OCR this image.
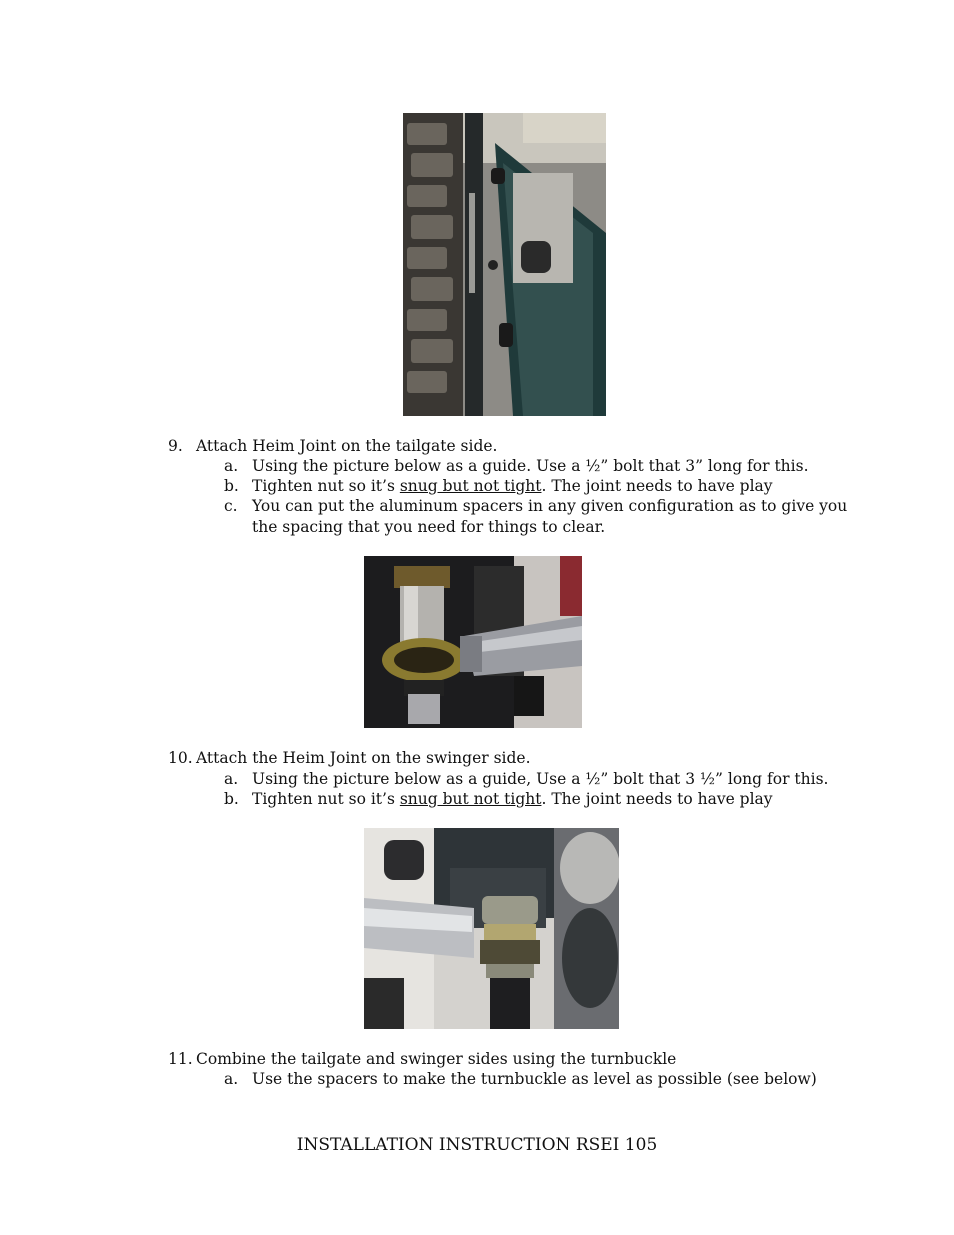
9. Attach Heim Joint on the tailgate side.
a. Using the picture below as a guide. Use a ½” bolt that 3” long for this.
b. Tighten nut so it’s snug but not tight. The joint needs to have play
c. You can put the aluminum spacers in any given configuration as to give you
the spacing that you need for things to clear.
10. Attach the Heim Joint on the swinger side.
a. Using the picture below as a guide, Use a ½” bolt that 3 ½” long for this.
b. Tighten nut so it’s snug but not tight. The joint needs to have play
11. Combine the tailgate and swinger sides using the turnbuckle
a. Use the spacers to make the turnbuckle as level as possible (see below)
INSTALLATION INSTRUCTION RSEI 105
